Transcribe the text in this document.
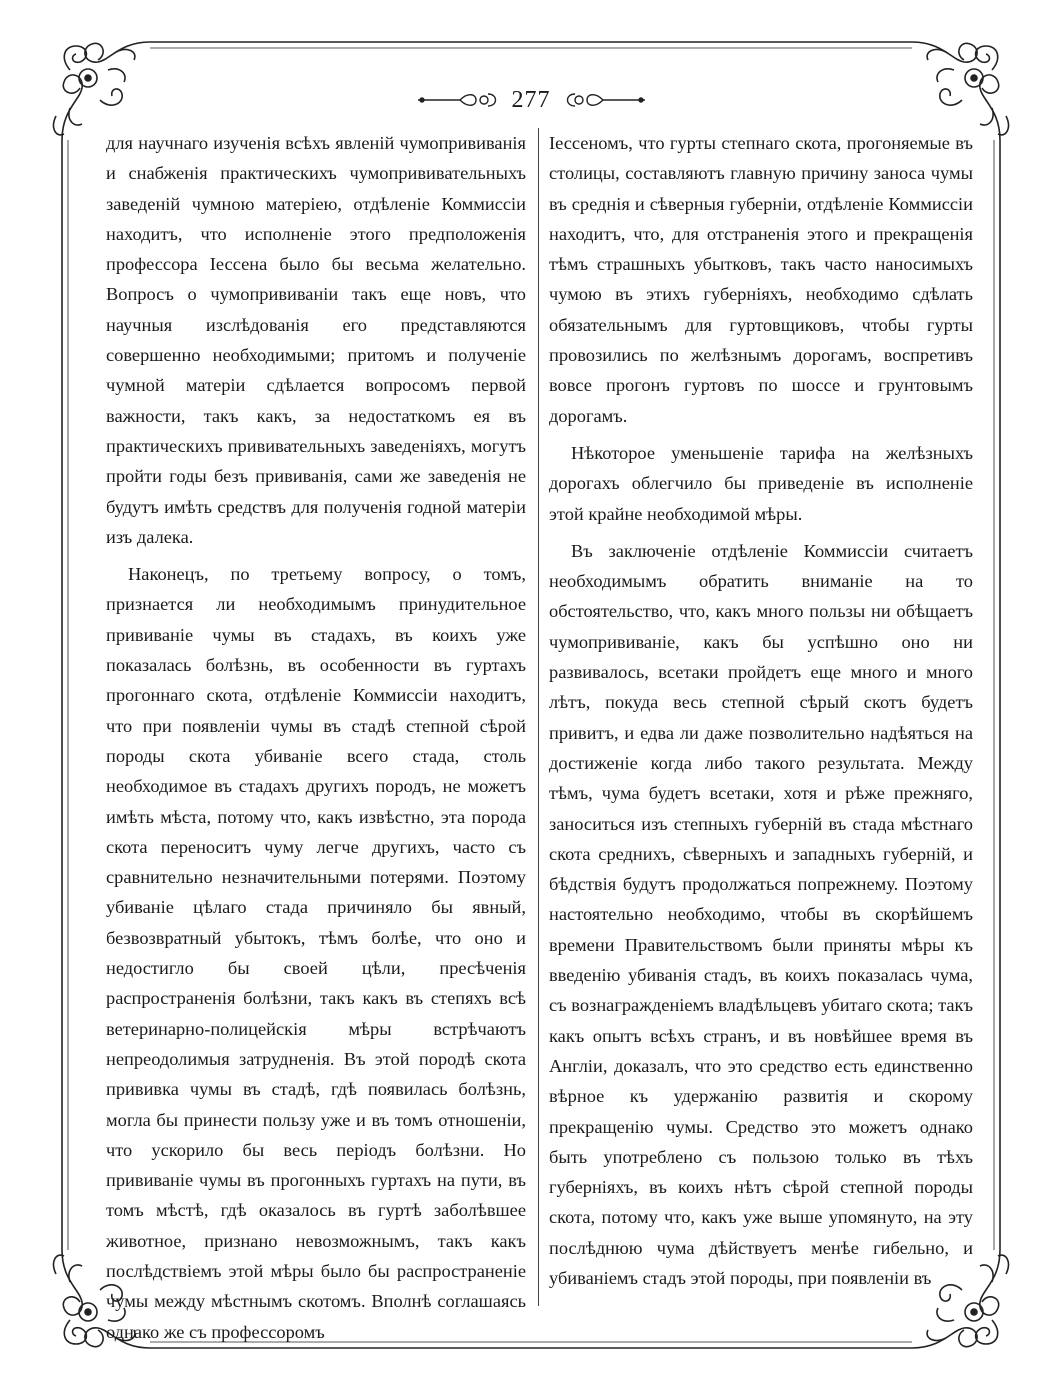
277

для научнаго изученія всѣхъ явленій чумопрививанія и снабженія практическихъ чумопрививательныхъ заведеній чумною матеріею, отдѣленіе Коммиссіи находитъ, что исполненіе этого предположенія профессора Іессена было бы весьма желательно. Вопросъ о чумопрививаніи такъ еще новъ, что научныя изслѣдованія его представляются совершенно необходимыми; притомъ и полученіе чумной матеріи сдѣлается вопросомъ первой важности, такъ какъ, за недостаткомъ ея въ практическихъ прививательныхъ заведеніяхъ, могутъ пройти годы безъ прививанія, сами же заведенія не будутъ имѣть средствъ для полученія годной матеріи изъ далека.

Наконецъ, по третьему вопросу, о томъ, признается ли необходимымъ принудительное прививаніе чумы въ стадахъ, въ коихъ уже показалась болѣзнь, въ особенности въ гуртахъ прогоннаго скота, отдѣленіе Коммиссіи находитъ, что при появленіи чумы въ стадѣ степной сѣрой породы скота убиваніе всего стада, столь необходимое въ стадахъ другихъ породъ, не можетъ имѣть мѣста, потому что, какъ извѣстно, эта порода скота переноситъ чуму легче другихъ, часто съ сравнительно незначительными потерями. Поэтому убиваніе цѣлаго стада причиняло бы явный, безвозвратный убытокъ, тѣмъ болѣе, что оно и недостигло бы своей цѣли, пресѣченія распространенія болѣзни, такъ какъ въ степяхъ всѣ ветеринарно-полицейскія мѣры встрѣчаютъ непреодолимыя затрудненія. Въ этой породѣ скота прививка чумы въ стадѣ, гдѣ появилась болѣзнь, могла бы принести пользу уже и въ томъ отношеніи, что ускорило бы весь періодъ болѣзни. Но прививаніе чумы въ прогонныхъ гуртахъ на пути, въ томъ мѣстѣ, гдѣ оказалось въ гуртѣ заболѣвшее животное, признано невозможнымъ, такъ какъ послѣдствіемъ этой мѣры было бы распространеніе чумы между мѣстнымъ скотомъ. Вполнѣ соглашаясь однако же съ профессоромъ

Іессеномъ, что гурты степнаго скота, прогоняемые въ столицы, составляютъ главную причину заноса чумы въ среднія и сѣверныя губерніи, отдѣленіе Коммиссіи находитъ, что, для отстраненія этого и прекращенія тѣмъ страшныхъ убытковъ, такъ часто наносимыхъ чумою въ этихъ губерніяхъ, необходимо сдѣлать обязательнымъ для гуртовщиковъ, чтобы гурты провозились по желѣзнымъ дорогамъ, воспретивъ вовсе прогонъ гуртовъ по шоссе и грунтовымъ дорогамъ.

Нѣкоторое уменьшеніе тарифа на желѣзныхъ дорогахъ облегчило бы приведеніе въ исполненіе этой крайне необходимой мѣры.

Въ заключеніе отдѣленіе Коммиссіи считаетъ необходимымъ обратить вниманіе на то обстоятельство, что, какъ много пользы ни обѣщаетъ чумопрививаніе, какъ бы успѣшно оно ни развивалось, всетаки пройдетъ еще много и много лѣтъ, покуда весь степной сѣрый скотъ будетъ привитъ, и едва ли даже позволительно надѣяться на достиженіе когда либо такого результата. Между тѣмъ, чума будетъ всетаки, хотя и рѣже прежняго, заноситься изъ степныхъ губерній въ стада мѣстнаго скота среднихъ, сѣверныхъ и западныхъ губерній, и бѣдствія будутъ продолжаться попрежнему. Поэтому настоятельно необходимо, чтобы въ скорѣйшемъ времени Правительствомъ были приняты мѣры къ введенію убиванія стадъ, въ коихъ показалась чума, съ вознагражденіемъ владѣльцевъ убитаго скота; такъ какъ опытъ всѣхъ странъ, и въ новѣйшее время въ Англіи, доказалъ, что это средство есть единственно вѣрное къ удержанію развитія и скорому прекращенію чумы. Средство это можетъ однако быть употреблено съ пользою только въ тѣхъ губерніяхъ, въ коихъ нѣтъ сѣрой степной породы скота, потому что, какъ уже выше упомянуто, на эту послѣднюю чума дѣйствуетъ менѣе гибельно, и убиваніемъ стадъ этой породы, при появленіи въ
